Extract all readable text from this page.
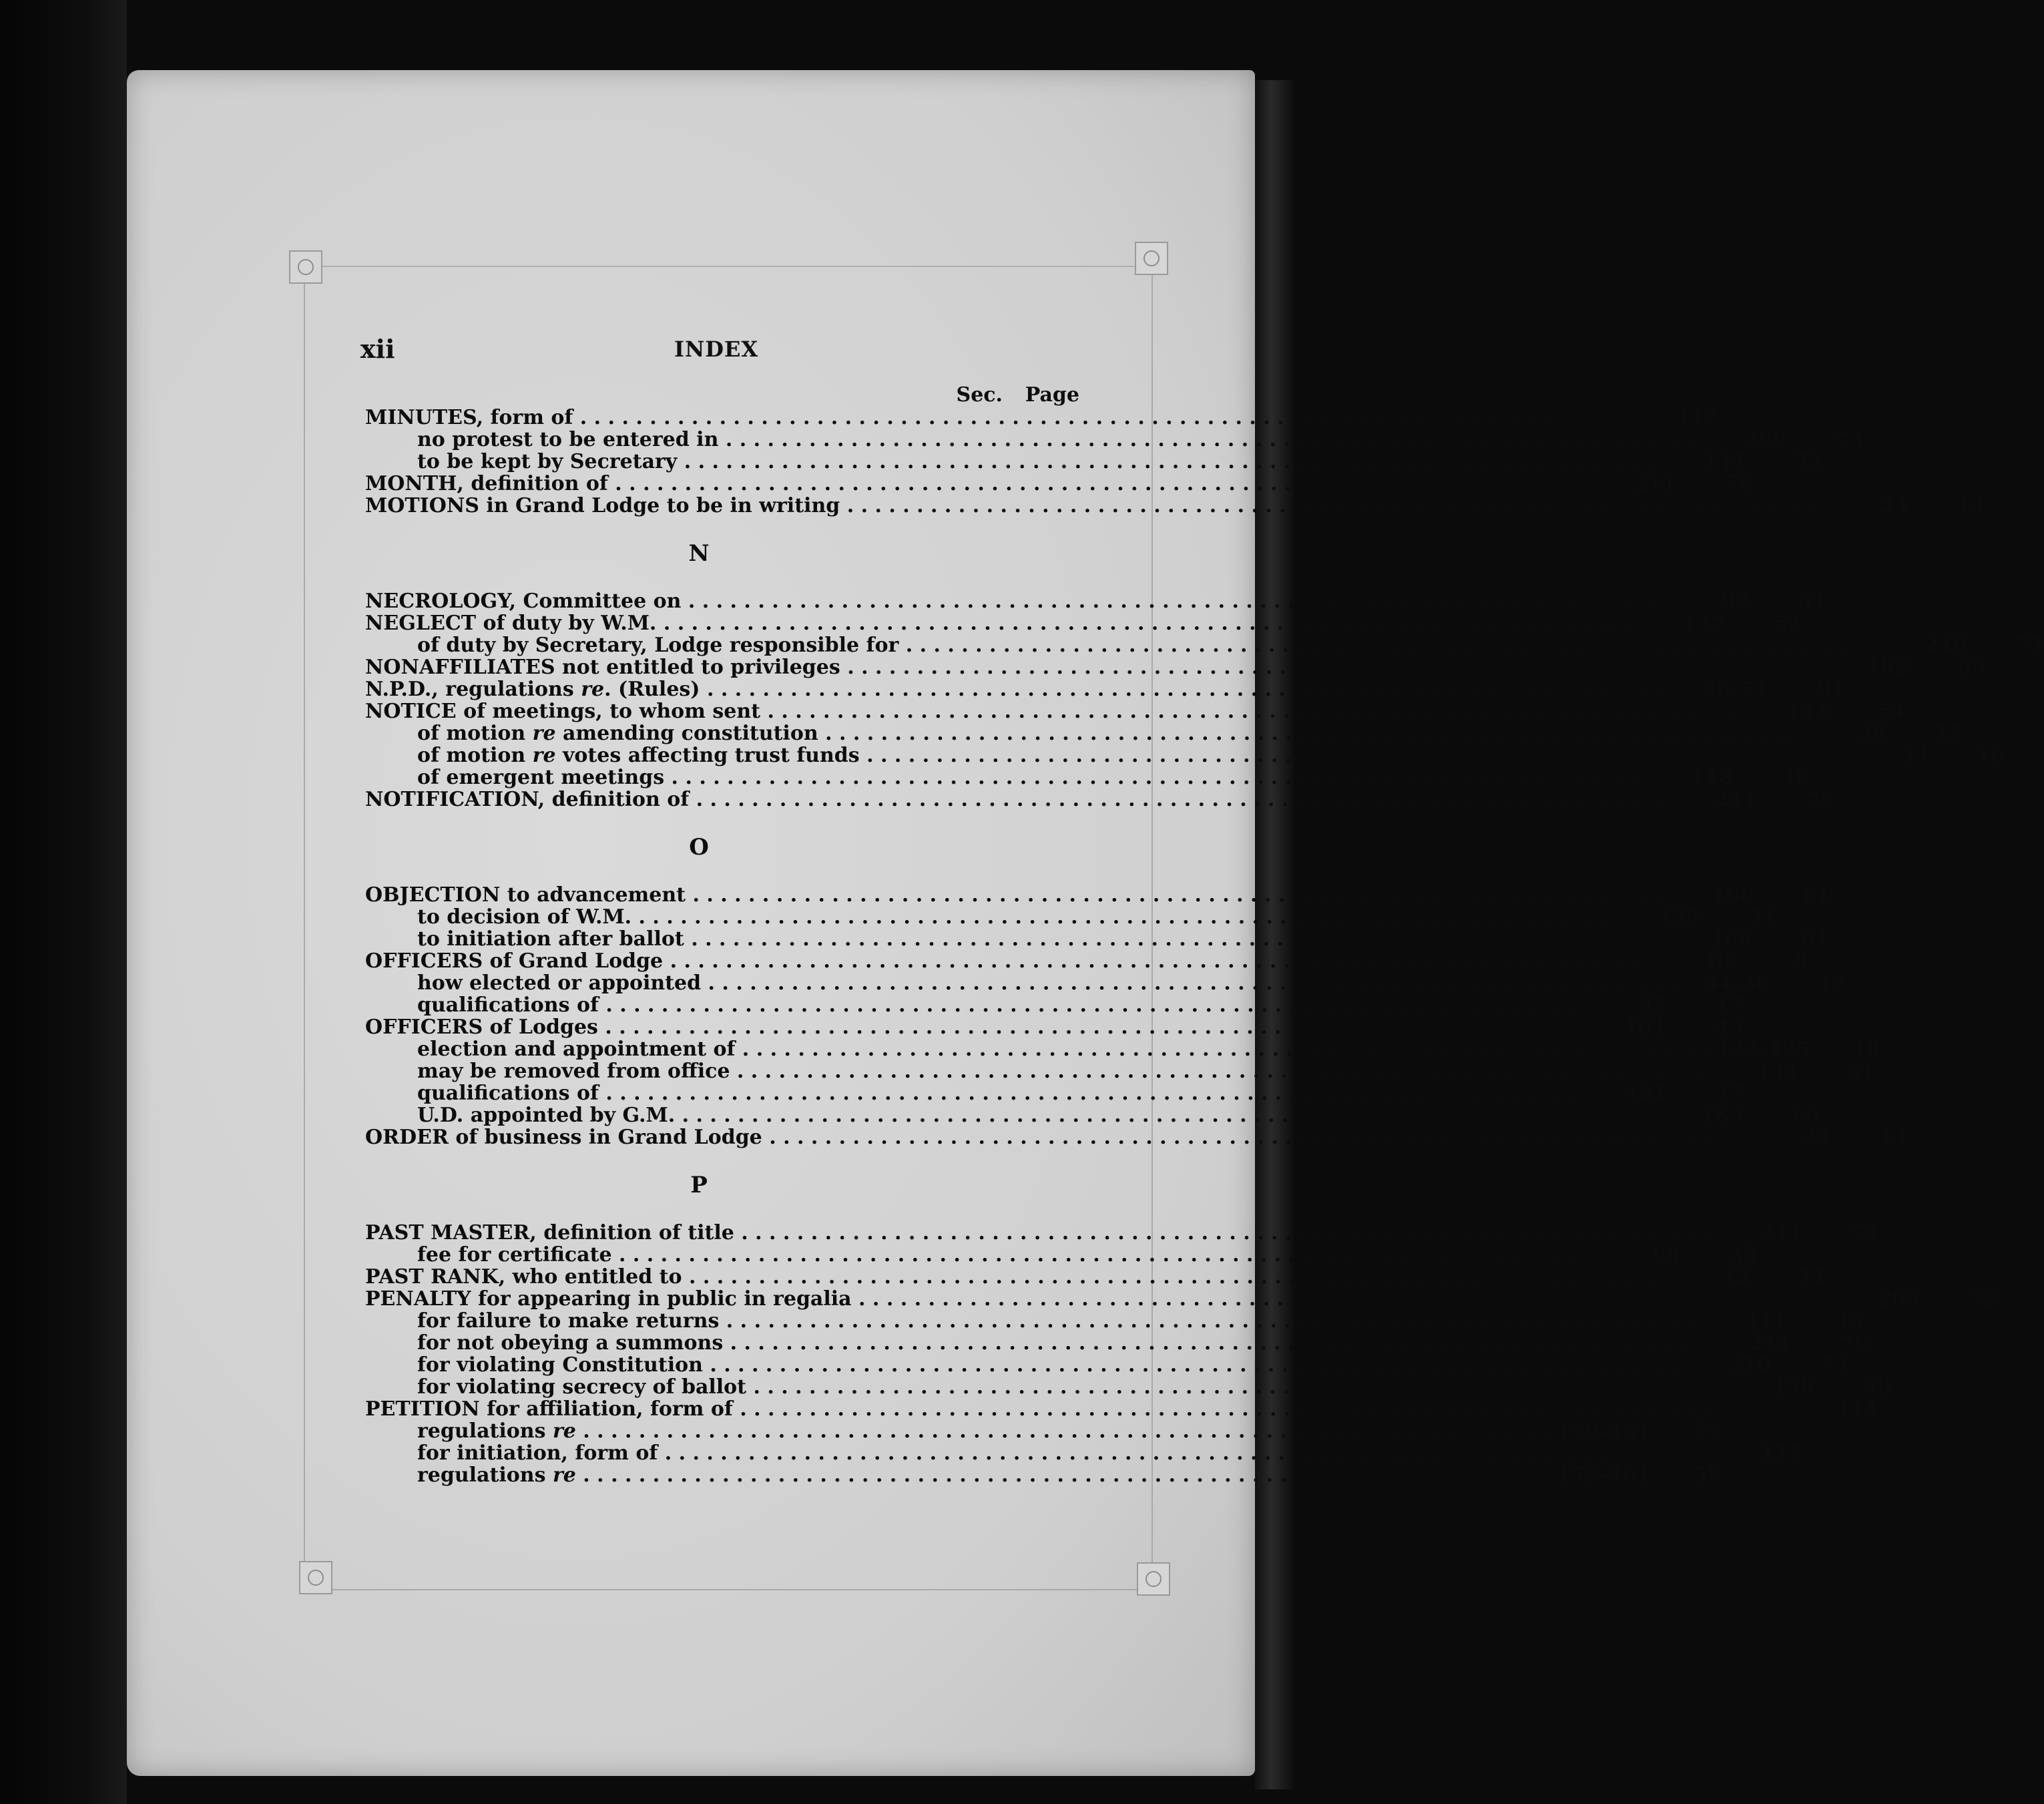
xii	INDEX
Sec.	Page
MINUTES, form of . . . . . . . . . . . . . . . . . . . . . . . . . . . . . . . . . . . . . . . . . . . . . . . . . . . . . . . . . . . . . . . . . . . . . .	117
no protest to be entered in . . . . . . . . . . . . . . . . . . . . . . . . . . . . . . . . . . . . . . . . . . . . . . . . . . . . . . . . . . . . . . . . . . . . . .	209	73
to be kept by Secretary . . . . . . . . . . . . . . . . . . . . . . . . . . . . . . . . . . . . . . . . . . . . . . . . . . . . . . . . . . . . . . . . . . . . . .	144	53
MONTH, definition of . . . . . . . . . . . . . . . . . . . . . . . . . . . . . . . . . . . . . . . . . . . . . . . . . . . . . . . . . . . . . . . . . . . . . .	211	76
MOTIONS in Grand Lodge to be in writing . . . . . . . . . . . . . . . . . . . . . . . . . . . . . . . . . . . . . . . . . . . . . . . . . . . . . . . . . . . . . . . . . . . . . .	24	14
N
NECROLOGY, Committee on . . . . . . . . . . . . . . . . . . . . . . . . . . . . . . . . . . . . . . . . . . . . . . . . . . . . . . . . . . . . . . . . . . . . . .	92	31
NEGLECT of duty by W.M. . . . . . . . . . . . . . . . . . . . . . . . . . . . . . . . . . . . . . . . . . . . . . . . . . . . . . . . . . . . . . . . . . . . . . .	137	52
of duty by Secretary, Lodge responsible for . . . . . . . . . . . . . . . . . . . . . . . . . . . . . . . . . . . . . . . . . . . . . . . . . . . . . . . . . . . . . . . . . . . . . .	210	73
NONAFFILIATES not entitled to privileges . . . . . . . . . . . . . . . . . . . . . . . . . . . . . . . . . . . . . . . . . . . . . . . . . . . . . . . . . . . . . . . . . . . . . .	182	65
N.P.D., regulations re. (Rules) . . . . . . . . . . . . . . . . . . . . . . . . . . . . . . . . . . . . . . . . . . . . . . . . . . . . . . . . . . . . . . . . . . . . . .	66–71	91
NOTICE of meetings, to whom sent . . . . . . . . . . . . . . . . . . . . . . . . . . . . . . . . . . . . . . . . . . . . . . . . . . . . . . . . . . . . . . . . . . . . . .	144	54
of motion re amending constitution . . . . . . . . . . . . . . . . . . . . . . . . . . . . . . . . . . . . . . . . . . . . . . . . . . . . . . . . . . . . . . . . . . . . . .	28	15
of motion re votes affecting trust funds . . . . . . . . . . . . . . . . . . . . . . . . . . . . . . . . . . . . . . . . . . . . . . . . . . . . . . . . . . . . . . . . . . . . . .	33	16
of emergent meetings . . . . . . . . . . . . . . . . . . . . . . . . . . . . . . . . . . . . . . . . . . . . . . . . . . . . . . . . . . . . . . . . . . . . . .	118	46
NOTIFICATION, definition of . . . . . . . . . . . . . . . . . . . . . . . . . . . . . . . . . . . . . . . . . . . . . . . . . . . . . . . . . . . . . . . . . . . . . .	211	76
O
OBJECTION to advancement . . . . . . . . . . . . . . . . . . . . . . . . . . . . . . . . . . . . . . . . . . . . . . . . . . . . . . . . . . . . . . . . . . . . . .	166	61
to decision of W.M. . . . . . . . . . . . . . . . . . . . . . . . . . . . . . . . . . . . . . . . . . . . . . . . . . . . . . . . . . . . . . . . . . . . . . .	135	51
to initiation after ballot . . . . . . . . . . . . . . . . . . . . . . . . . . . . . . . . . . . . . . . . . . . . . . . . . . . . . . . . . . . . . . . . . . . . . .	166	61
OFFICERS of Grand Lodge . . . . . . . . . . . . . . . . . . . . . . . . . . . . . . . . . . . . . . . . . . . . . . . . . . . . . . . . . . . . . . . . . . . . . .	10	9
how elected or appointed . . . . . . . . . . . . . . . . . . . . . . . . . . . . . . . . . . . . . . . . . . . . . . . . . . . . . . . . . . . . . . . . . . . . . .	34–36	17
qualifications of . . . . . . . . . . . . . . . . . . . . . . . . . . . . . . . . . . . . . . . . . . . . . . . . . . . . . . . . . . . . . . . . . . . . . .	35	17
OFFICERS of Lodges . . . . . . . . . . . . . . . . . . . . . . . . . . . . . . . . . . . . . . . . . . . . . . . . . . . . . . . . . . . . . . . . . . . . . .	104	43
election and appointment of . . . . . . . . . . . . . . . . . . . . . . . . . . . . . . . . . . . . . . . . . . . . . . . . . . . . . . . . . . . . . . . . . . . . . . 122–125	48
may be removed from office . . . . . . . . . . . . . . . . . . . . . . . . . . . . . . . . . . . . . . . . . . . . . . . . . . . . . . . . . . . . . . . . . . . . . .	134	51
qualifications of . . . . . . . . . . . . . . . . . . . . . . . . . . . . . . . . . . . . . . . . . . . . . . . . . . . . . . . . . . . . . . . . . . . . . .	121	47
U.D. appointed by G.M. . . . . . . . . . . . . . . . . . . . . . . . . . . . . . . . . . . . . . . . . . . . . . . . . . . . . . . . . . . . . . . . . . . . . . .	183	66
ORDER of business in Grand Lodge . . . . . . . . . . . . . . . . . . . . . . . . . . . . . . . . . . . . . . . . . . . . . . . . . . . . . . . . . . . . . . . . . . . . . .	23	13
P
PAST MASTER, definition of title . . . . . . . . . . . . . . . . . . . . . . . . . . . . . . . . . . . . . . . . . . . . . . . . . . . . . . . . . . . . . . . . . . . . . .	211	74
fee for certificate . . . . . . . . . . . . . . . . . . . . . . . . . . . . . . . . . . . . . . . . . . . . . . . . . . . . . . . . . . . . . . . . . . . . . .	98	33
PAST RANK, who entitled to . . . . . . . . . . . . . . . . . . . . . . . . . . . . . . . . . . . . . . . . . . . . . . . . . . . . . . . . . . . . . . . . . . . . . .	12	11
PENALTY for appearing in public in regalia . . . . . . . . . . . . . . . . . . . . . . . . . . . . . . . . . . . . . . . . . . . . . . . . . . . . . . . . . . . . . . . . . . . . . .	205	72
for failure to make returns . . . . . . . . . . . . . . . . . . . . . . . . . . . . . . . . . . . . . . . . . . . . . . . . . . . . . . . . . . . . . . . . . . . . . .	111	45
for not obeying a summons . . . . . . . . . . . . . . . . . . . . . . . . . . . . . . . . . . . . . . . . . . . . . . . . . . . . . . . . . . . . . . . . . . . . . .	211	76
for violating Constitution . . . . . . . . . . . . . . . . . . . . . . . . . . . . . . . . . . . . . . . . . . . . . . . . . . . . . . . . . . . . . . . . . . . . . .	210	73
for violating secrecy of ballot . . . . . . . . . . . . . . . . . . . . . . . . . . . . . . . . . . . . . . . . . . . . . . . . . . . . . . . . . . . . . . . . . . . . . .	159	59
PETITION for affiliation, form of . . . . . . . . . . . . . . . . . . . . . . . . . . . . . . . . . . . . . . . . . . . . . . . . . . . . . . . . . . . . . . . . . . . . . .	114
regulations re . . . . . . . . . . . . . . . . . . . . . . . . . . . . . . . . . . . . . . . . . . . . . . . . . . . . . . . . . . . . . . . . . . . . . . 150–161	57
for initiation, form of . . . . . . . . . . . . . . . . . . . . . . . . . . . . . . . . . . . . . . . . . . . . . . . . . . . . . . . . . . . . . . . . . . . . . .	115
regulations re . . . . . . . . . . . . . . . . . . . . . . . . . . . . . . . . . . . . . . . . . . . . . . . . . . . . . . . . . . . . . . . . . . . . . . 152–161	58
